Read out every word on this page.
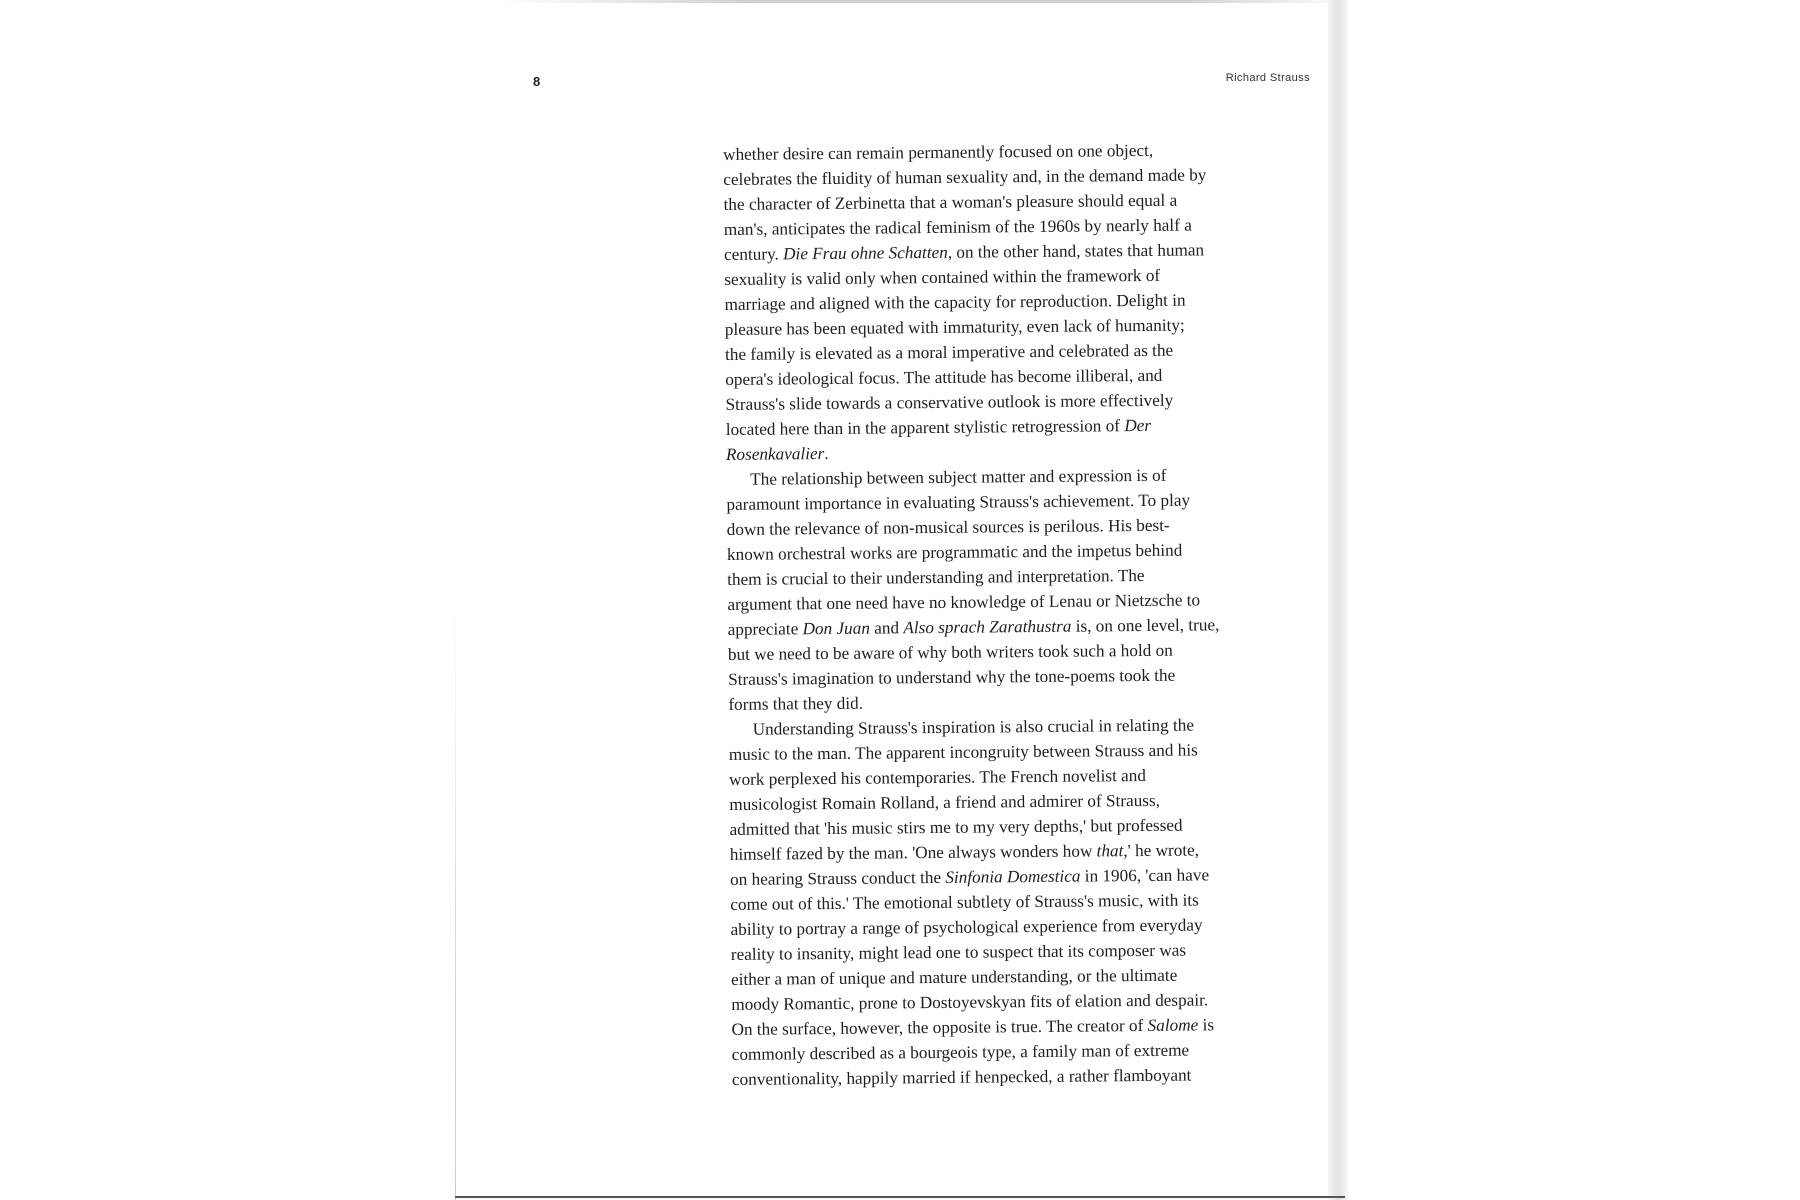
8	Richard Strauss
whether desire can remain permanently focused on one object,
celebrates the fluidity of human sexuality and, in the demand made by
the character of Zerbinetta that a woman's pleasure should equal a
man's, anticipates the radical feminism of the 1960s by nearly half a
century. Die Frau ohne Schatten, on the other hand, states that human
sexuality is valid only when contained within the framework of
marriage and aligned with the capacity for reproduction. Delight in
pleasure has been equated with immaturity, even lack of humanity;
the family is elevated as a moral imperative and celebrated as the
opera's ideological focus. The attitude has become illiberal, and
Strauss's slide towards a conservative outlook is more effectively
located here than in the apparent stylistic retrogression of Der
Rosenkavalier.
The relationship between subject matter and expression is of
paramount importance in evaluating Strauss's achievement. To play
down the relevance of non-musical sources is perilous. His best-
known orchestral works are programmatic and the impetus behind
them is crucial to their understanding and interpretation. The
argument that one need have no knowledge of Lenau or Nietzsche to
appreciate Don Juan and Also sprach Zarathustra is, on one level, true,
but we need to be aware of why both writers took such a hold on
Strauss's imagination to understand why the tone-poems took the
forms that they did.
Understanding Strauss's inspiration is also crucial in relating the
music to the man. The apparent incongruity between Strauss and his
work perplexed his contemporaries. The French novelist and
musicologist Romain Rolland, a friend and admirer of Strauss,
admitted that 'his music stirs me to my very depths,' but professed
himself fazed by the man. 'One always wonders how that,' he wrote,
on hearing Strauss conduct the Sinfonia Domestica in 1906, 'can have
come out of this.' The emotional subtlety of Strauss's music, with its
ability to portray a range of psychological experience from everyday
reality to insanity, might lead one to suspect that its composer was
either a man of unique and mature understanding, or the ultimate
moody Romantic, prone to Dostoyevskyan fits of elation and despair.
On the surface, however, the opposite is true. The creator of Salome is
commonly described as a bourgeois type, a family man of extreme
conventionality, happily married if henpecked, a rather flamboyant
